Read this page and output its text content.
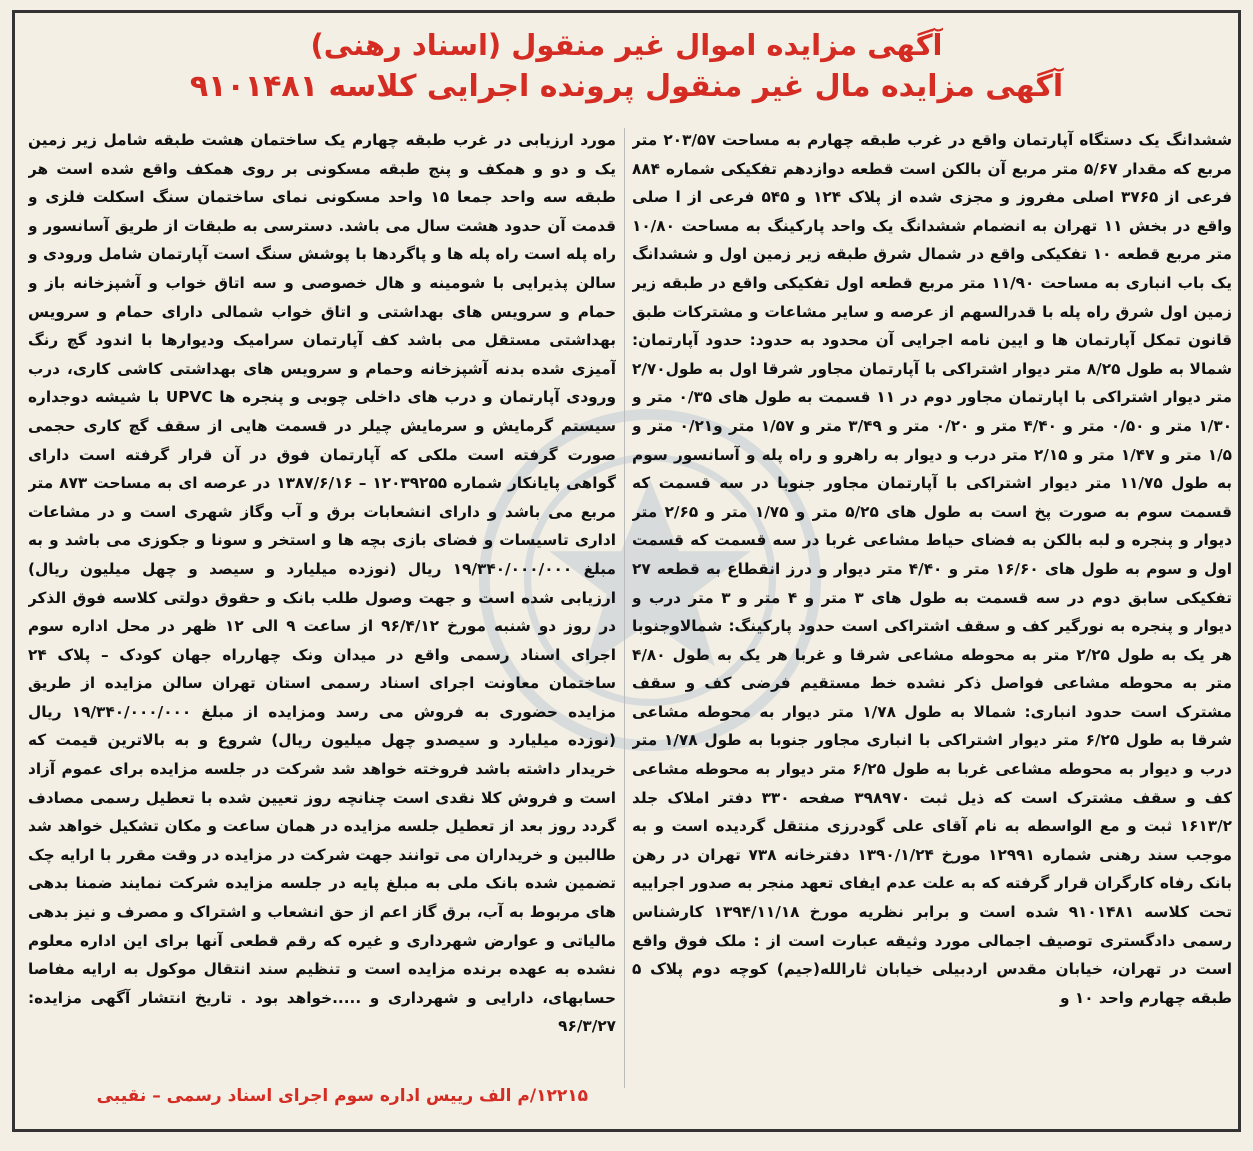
آگهی مزایده اموال غیر منقول (اسناد رهنی)
آگهی مزایده مال غیر منقول پرونده اجرایی کلاسه ۹۱۰۱۴۸۱
ششدانگ یک دستگاه آپارتمان واقع در غرب طبقه چهارم به مساحت ۲۰۳/۵۷ متر مربع که مقدار ۵/۶۷ متر مربع آن بالکن است قطعه دوازدهم تفکیکی شماره ۸۸۴ فرعی از ۳۷۶۵ اصلی مفروز و مجزی شده از پلاک ۱۲۴ و ۵۴۵ فرعی از ا صلی واقع در بخش ۱۱ تهران به انضمام ششدانگ یک واحد پارکینگ به مساحت ۱۰/۸۰ متر مربع قطعه ۱۰ تفکیکی واقع در شمال شرق طبقه زیر زمین اول و ششدانگ یک باب انباری به مساحت ۱۱/۹۰ متر مربع قطعه اول تفکیکی واقع در طبقه زیر زمین اول شرق راه پله با قدرالسهم از عرصه و سایر مشاعات و مشترکات طبق قانون تمکل آپارتمان ها و ایین نامه اجرایی آن محدود به حدود: حدود آپارتمان: شمالا به طول ۸/۲۵ متر دیوار اشتراکی با آپارتمان مجاور شرقا اول به طول۲/۷۰ متر دیوار اشتراکی با اپارتمان مجاور دوم در ۱۱ قسمت به طول های ۰/۳۵ متر و ۱/۳۰ متر و ۰/۵۰ متر و ۴/۴۰ متر و ۰/۲۰ متر و ۳/۴۹ متر و ۱/۵۷ متر و۰/۲۱ متر و ۱/۵ متر و ۱/۴۷ متر و ۲/۱۵ متر درب و دیوار به راهرو و راه پله و آسانسور سوم به طول ۱۱/۷۵ متر دیوار اشتراکی با آپارتمان مجاور جنوبا در سه قسمت که قسمت سوم به صورت پخ است به طول های ۵/۲۵ متر و ۱/۷۵ متر و ۲/۶۵ متر دیوار و پنجره و لبه بالکن به فضای حیاط مشاعی غربا در سه قسمت که قسمت اول و سوم به طول های ۱۶/۶۰ متر و ۴/۴۰ متر دیوار و درز انقطاع به قطعه ۲۷ تفکیکی سابق دوم در سه قسمت به طول های ۳ متر و ۴ متر و ۳ متر درب و دیوار و پنجره به نورگیر کف و سقف اشتراکی است حدود پارکینگ: شمالاوجنوبا هر یک به طول ۲/۲۵ متر به محوطه مشاعی شرقا و غربا هر یک به طول ۴/۸۰ متر به محوطه مشاعی فواصل ذکر نشده خط مستقیم فرضی کف و سقف مشترک است حدود انباری: شمالا به طول ۱/۷۸ متر دیوار به محوطه مشاعی شرقا به طول ۶/۲۵ متر دیوار اشتراکی با انباری مجاور جنوبا به طول ۱/۷۸ متر درب و دیوار به محوطه مشاعی غربا به طول ۶/۲۵ متر دیوار به محوطه مشاعی کف و سقف مشترک است که ذیل ثبت ۳۹۸۹۷۰ صفحه ۳۳۰ دفتر املاک جلد ۱۶۱۳/۲ ثبت و مع الواسطه به نام آقای علی گودرزی منتقل گردیده است و به موجب سند رهنی شماره ۱۲۹۹۱ مورخ ۱۳۹۰/۱/۲۴ دفترخانه ۷۳۸ تهران در رهن بانک رفاه کارگران قرار گرفته که به علت عدم ایفای تعهد منجر به صدور اجراییه تحت کلاسه ۹۱۰۱۴۸۱ شده است و برابر نظریه مورخ ۱۳۹۴/۱۱/۱۸ کارشناس رسمی دادگستری توصیف اجمالی مورد وثیقه عبارت است از : ملک فوق واقع است در تهران، خیابان مقدس اردبیلی خیابان ثارالله(جیم) کوچه دوم پلاک ۵ طبقه چهارم واحد ۱۰ و
مورد ارزیابی در غرب طبقه چهارم یک ساختمان هشت طبقه شامل زیر زمین یک و دو و همکف و پنج طبقه مسکونی بر روی همکف واقع شده است هر طبقه سه واحد جمعا ۱۵ واحد مسکونی نمای ساختمان سنگ اسکلت فلزی و قدمت آن حدود هشت سال می باشد. دسترسی به طبقات از طریق آسانسور و راه پله است راه پله ها و پاگردها با پوشش سنگ است آپارتمان شامل ورودی و سالن پذیرایی با شومینه و هال خصوصی و سه اتاق خواب و آشپزخانه باز و حمام و سرویس های بهداشتی و اتاق خواب شمالی دارای حمام و سرویس بهداشتی مستقل می باشد کف آپارتمان سرامیک ودیوارها با اندود گچ رنگ آمیزی شده بدنه آشپزخانه وحمام و سرویس های بهداشتی کاشی کاری، درب ورودی آپارتمان و درب های داخلی چوبی و پنجره ها UPVC با شیشه دوجداره سیستم گرمایش و سرمایش چیلر در قسمت هایی از سقف گچ کاری حجمی صورت گرفته است ملکی که آپارتمان فوق در آن قرار گرفته است دارای گواهی پایانکار شماره ۱۲۰۳۹۲۵۵ – ۱۳۸۷/۶/۱۶ در عرصه ای به مساحت ۸۷۳ متر مربع می باشد و دارای انشعابات برق و آب وگاز شهری است و در مشاعات اداری تاسیسات و فضای بازی بچه ها و استخر و سونا و جکوزی می باشد و به مبلغ ۱۹/۳۴۰/۰۰۰/۰۰۰ ریال (نوزده میلیارد و سیصد و چهل میلیون ریال) ارزیابی شده است و جهت وصول طلب بانک و حقوق دولتی کلاسه فوق الذکر در روز دو شنبه مورخ ۹۶/۴/۱۲ از ساعت ۹ الی ۱۲ ظهر در محل اداره سوم اجرای اسناد رسمی واقع در میدان ونک چهارراه جهان کودک – پلاک ۲۴ ساختمان معاونت اجرای اسناد رسمی استان تهران سالن مزایده از طریق مزایده حضوری به فروش می رسد ومزایده از مبلغ ۱۹/۳۴۰/۰۰۰/۰۰۰ ریال (نوزده میلیارد و سیصدو چهل میلیون ریال) شروع و به بالاترین قیمت که خریدار داشته باشد فروخته خواهد شد شرکت در جلسه مزایده برای عموم آزاد است و فروش کلا نقدی است چنانچه روز تعیین شده با تعطیل رسمی مصادف گردد روز بعد از تعطیل جلسه مزایده در همان ساعت و مکان تشکیل خواهد شد طالبین و خریداران می توانند جهت شرکت در مزایده در وقت مقرر با ارایه چک تضمین شده بانک ملی به مبلغ پایه در جلسه مزایده شرکت نمایند ضمنا بدهی های مربوط به آب، برق گاز اعم از حق انشعاب و اشتراک و مصرف و نیز بدهی مالیاتی و عوارض شهرداری و غیره که رقم قطعی آنها برای این اداره معلوم نشده به عهده برنده مزایده است و تنظیم سند انتقال موکول به ارایه مفاصا حسابهای، دارایی و شهرداری و .....خواهد بود . تاریخ انتشار آگهی مزایده: ۹۶/۳/۲۷
۱۲۲۱۵/م الف رییس اداره سوم اجرای اسناد رسمی – نقیبی
